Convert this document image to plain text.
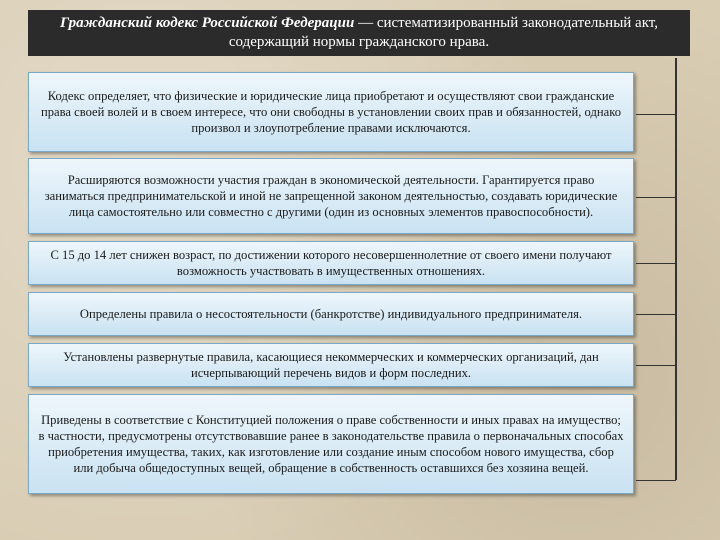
Гражданский кодекс Российской Федерации — систематизированный законодательный акт, содержащий нормы гражданского нрава.
Кодекс определяет, что физические и юридические лица приобретают и осуществляют свои гражданские права своей волей и в своем интересе, что они свободны в установлении своих прав и обязанностей, однако произвол и злоупотребление правами исключаются.
Расширяются возможности участия граждан в экономической деятельности. Гарантируется право заниматься предпринимательской и иной не запрещенной законом деятельностью, создавать юридические лица самостоятельно или совместно с другими (один из основных элементов правоспособности).
С 15 до 14 лет снижен возраст, по достижении которого несовершеннолетние от своего имени получают возможность участвовать в имущественных отношениях.
Определены правила о несостоятельности (банкротстве) индивидуального предпринимателя.
Установлены развернутые правила, касающиеся некоммерческих и коммерческих организаций, дан исчерпывающий перечень видов и форм последних.
Приведены в соответствие с Конституцией положения о праве собственности и иных правах на имущество; в частности, предусмотрены отсутствовавшие ранее в законодательстве правила о первоначальных способах приобретения имущества, таких, как изготовление или создание иным способом нового имущества, сбор или добыча общедоступных вещей, обращение в собственность оставшихся без хозяина вещей.
